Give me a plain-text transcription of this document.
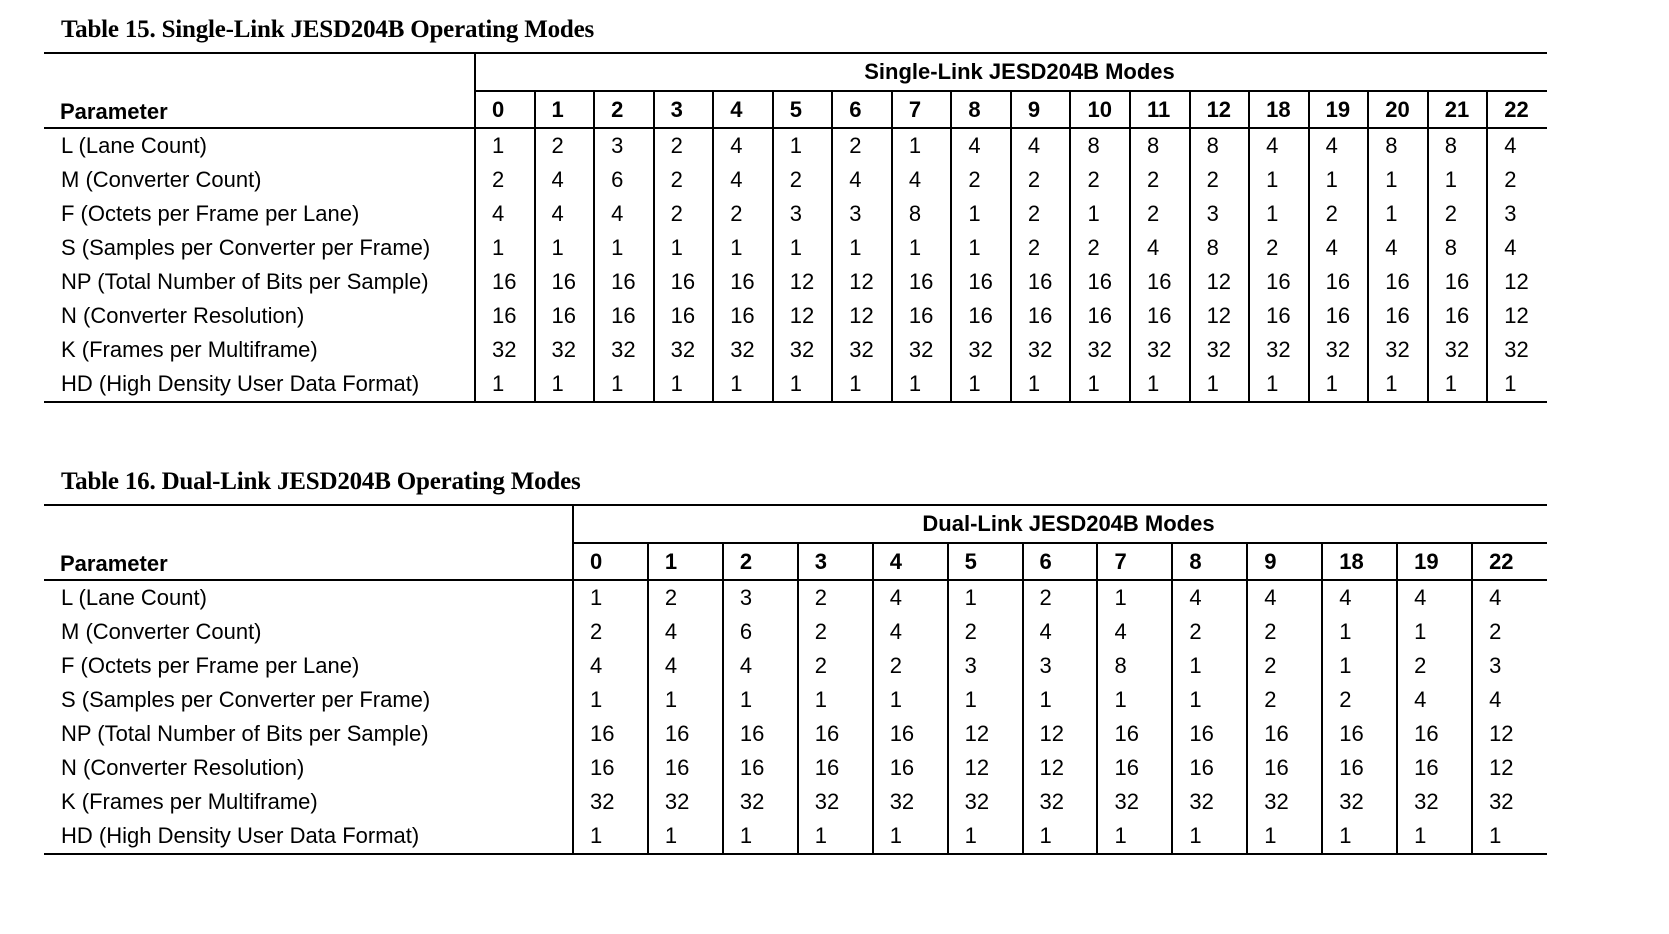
Table 15. Single-Link JESD204B Operating Modes
	Single-Link JESD204B Modes																	
Parameter	0	1	2	3	4	5	6	7	8	9	10	11	12	18	19	20	21	22
L (Lane Count)	1	2	3	2	4	1	2	1	4	4	8	8	8	4	4	8	8	4
M (Converter Count)	2	4	6	2	4	2	4	4	2	2	2	2	2	1	1	1	1	2
F (Octets per Frame per Lane)	4	4	4	2	2	3	3	8	1	2	1	2	3	1	2	1	2	3
S (Samples per Converter per Frame)	1	1	1	1	1	1	1	1	1	2	2	4	8	2	4	4	8	4
NP (Total Number of Bits per Sample)	16	16	16	16	16	12	12	16	16	16	16	16	12	16	16	16	16	12
N (Converter Resolution)	16	16	16	16	16	12	12	16	16	16	16	16	12	16	16	16	16	12
K (Frames per Multiframe)	32	32	32	32	32	32	32	32	32	32	32	32	32	32	32	32	32	32
HD (High Density User Data Format)	1	1	1	1	1	1	1	1	1	1	1	1	1	1	1	1	1	1
Table 16. Dual-Link JESD204B Operating Modes
	Dual-Link JESD204B Modes												
Parameter	0	1	2	3	4	5	6	7	8	9	18	19	22
L (Lane Count)	1	2	3	2	4	1	2	1	4	4	4	4	4
M (Converter Count)	2	4	6	2	4	2	4	4	2	2	1	1	2
F (Octets per Frame per Lane)	4	4	4	2	2	3	3	8	1	2	1	2	3
S (Samples per Converter per Frame)	1	1	1	1	1	1	1	1	1	2	2	4	4
NP (Total Number of Bits per Sample)	16	16	16	16	16	12	12	16	16	16	16	16	12
N (Converter Resolution)	16	16	16	16	16	12	12	16	16	16	16	16	12
K (Frames per Multiframe)	32	32	32	32	32	32	32	32	32	32	32	32	32
HD (High Density User Data Format)	1	1	1	1	1	1	1	1	1	1	1	1	1
